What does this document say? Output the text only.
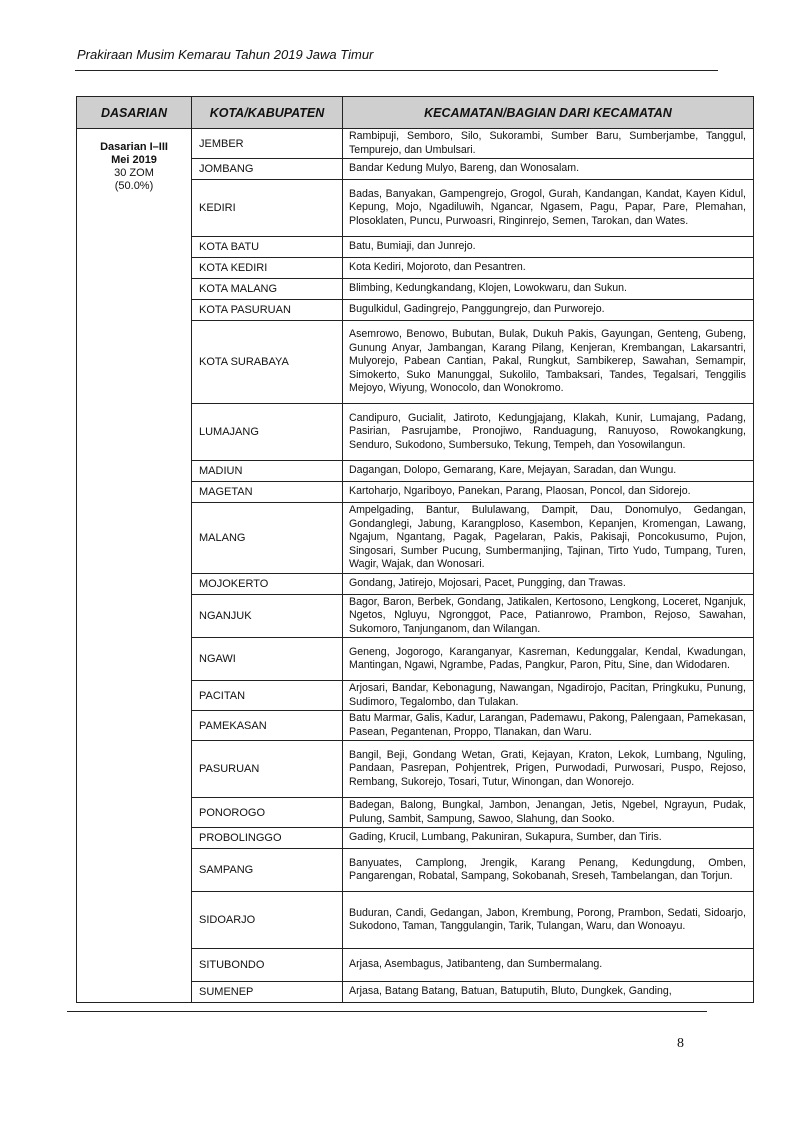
Prakiraan Musim Kemarau Tahun 2019 Jawa Timur
DASARIAN	KOTA/KABUPATEN	KECAMATAN/BAGIAN DARI KECAMATAN

Dasarian I–III
Mei 2019
30 ZOM
(50.0%)	JEMBER	Rambipuji, Semboro, Silo, Sukorambi, Sumber Baru, Sumberjambe, Tanggul, Tempurejo, dan Umbulsari.
	JOMBANG	Bandar Kedung Mulyo, Bareng, dan Wonosalam.
	KEDIRI	Badas, Banyakan, Gampengrejo, Grogol, Gurah, Kandangan, Kandat, Kayen Kidul, Kepung, Mojo, Ngadiluwih, Ngancar, Ngasem, Pagu, Papar, Pare, Plemahan, Plosoklaten, Puncu, Purwoasri, Ringinrejo, Semen, Tarokan, dan Wates.
	KOTA BATU	Batu, Bumiaji, dan Junrejo.
	KOTA KEDIRI	Kota Kediri, Mojoroto, dan Pesantren.
	KOTA MALANG	Blimbing, Kedungkandang, Klojen, Lowokwaru, dan Sukun.
	KOTA PASURUAN	Bugulkidul, Gadingrejo, Panggungrejo, dan Purworejo.
	KOTA SURABAYA	Asemrowo, Benowo, Bubutan, Bulak, Dukuh Pakis, Gayungan, Genteng, Gubeng, Gunung Anyar, Jambangan, Karang Pilang, Kenjeran, Krembangan, Lakarsantri, Mulyorejo, Pabean Cantian, Pakal, Rungkut, Sambikerep, Sawahan, Semampir, Simokerto, Suko Manunggal, Sukolilo, Tambaksari, Tandes, Tegalsari, Tenggilis Mejoyo, Wiyung, Wonocolo, dan Wonokromo.
	LUMAJANG	Candipuro, Gucialit, Jatiroto, Kedungjajang, Klakah, Kunir, Lumajang, Padang, Pasirian, Pasrujambe, Pronojiwo, Randuagung, Ranuyoso, Rowokangkung, Senduro, Sukodono, Sumbersuko, Tekung, Tempeh, dan Yosowilangun.
	MADIUN	Dagangan, Dolopo, Gemarang, Kare, Mejayan, Saradan, dan Wungu.
	MAGETAN	Kartoharjo, Ngariboyo, Panekan, Parang, Plaosan, Poncol, dan Sidorejo.
	MALANG	Ampelgading, Bantur, Bululawang, Dampit, Dau, Donomulyo, Gedangan, Gondanglegi, Jabung, Karangploso, Kasembon, Kepanjen, Kromengan, Lawang, Ngajum, Ngantang, Pagak, Pagelaran, Pakis, Pakisaji, Poncokusumo, Pujon, Singosari, Sumber Pucung, Sumbermanjing, Tajinan, Tirto Yudo, Tumpang, Turen, Wagir, Wajak, dan Wonosari.
	MOJOKERTO	Gondang, Jatirejo, Mojosari, Pacet, Pungging, dan Trawas.
	NGANJUK	Bagor, Baron, Berbek, Gondang, Jatikalen, Kertosono, Lengkong, Loceret, Nganjuk, Ngetos, Ngluyu, Ngronggot, Pace, Patianrowo, Prambon, Rejoso, Sawahan, Sukomoro, Tanjunganom, dan Wilangan.
	NGAWI	Geneng, Jogorogo, Karanganyar, Kasreman, Kedunggalar, Kendal, Kwadungan, Mantingan, Ngawi, Ngrambe, Padas, Pangkur, Paron, Pitu, Sine, dan Widodaren.
	PACITAN	Arjosari, Bandar, Kebonagung, Nawangan, Ngadirojo, Pacitan, Pringkuku, Punung, Sudimoro, Tegalombo, dan Tulakan.
	PAMEKASAN	Batu Marmar, Galis, Kadur, Larangan, Pademawu, Pakong, Palengaan, Pamekasan, Pasean, Pegantenan, Proppo, Tlanakan, dan Waru.
	PASURUAN	Bangil, Beji, Gondang Wetan, Grati, Kejayan, Kraton, Lekok, Lumbang, Nguling, Pandaan, Pasrepan, Pohjentrek, Prigen, Purwodadi, Purwosari, Puspo, Rejoso, Rembang, Sukorejo, Tosari, Tutur, Winongan, dan Wonorejo.
	PONOROGO	Badegan, Balong, Bungkal, Jambon, Jenangan, Jetis, Ngebel, Ngrayun, Pudak, Pulung, Sambit, Sampung, Sawoo, Slahung, dan Sooko.
	PROBOLINGGO	Gading, Krucil, Lumbang, Pakuniran, Sukapura, Sumber, dan Tiris.
	SAMPANG	Banyuates, Camplong, Jrengik, Karang Penang, Kedungdung, Omben, Pangarengan, Robatal, Sampang, Sokobanah, Sreseh, Tambelangan, dan Torjun.
	SIDOARJO	Buduran, Candi, Gedangan, Jabon, Krembung, Porong, Prambon, Sedati, Sidoarjo, Sukodono, Taman, Tanggulangin, Tarik, Tulangan, Waru, dan Wonoayu.
	SITUBONDO	Arjasa, Asembagus, Jatibanteng, dan Sumbermalang.
	SUMENEP	Arjasa, Batang Batang, Batuan, Batuputih, Bluto, Dungkek, Ganding,
8
